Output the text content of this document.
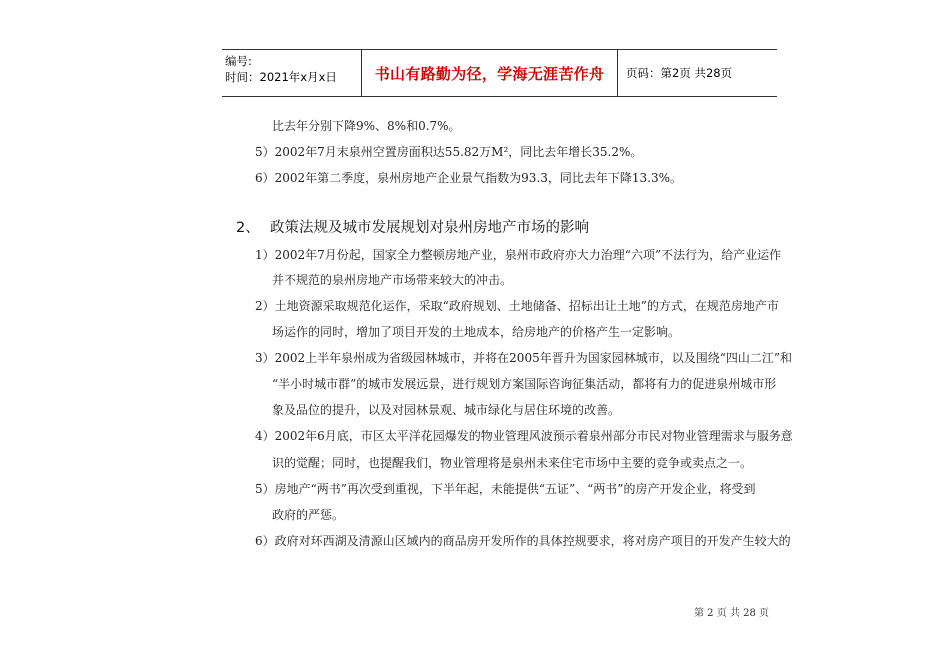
编号:
时间：2021年x月x日	书山有路勤为径，学海无涯苦作舟	页码：第2页 共28页
比去年分别下降9%、8%和0.7%。
5）2002年7月末泉州空置房面积达55.82万M²，同比去年增长35.2%。
6）2002年第二季度，泉州房地产企业景气指数为93.3，同比去年下降13.3%。
2、 政策法规及城市发展规划对泉州房地产市场的影响
1）2002年7月份起，国家全力整顿房地产业，泉州市政府亦大力治理“六项”不法行为，给产业运作
并不规范的泉州房地产市场带来较大的冲击。
2）土地资源采取规范化运作，采取“政府规划、土地储备、招标出让土地”的方式，在规范房地产市
场运作的同时，增加了项目开发的土地成本，给房地产的价格产生一定影响。
3）2002上半年泉州成为省级园林城市，并将在2005年晋升为国家园林城市，以及围绕“四山二江”和
“半小时城市群”的城市发展远景，进行规划方案国际咨询征集活动，都将有力的促进泉州城市形
象及品位的提升，以及对园林景观、城市绿化与居住环境的改善。
4）2002年6月底，市区太平洋花园爆发的物业管理风波预示着泉州部分市民对物业管理需求与服务意
识的觉醒；同时，也提醒我们，物业管理将是泉州未来住宅市场中主要的竞争或卖点之一。
5）房地产“两书”再次受到重视，下半年起，未能提供“五证”、“两书”的房产开发企业，将受到
政府的严惩。
6）政府对环西湖及清源山区域内的商品房开发所作的具体控规要求，将对房产项目的开发产生较大的
第 2 页 共 28 页
